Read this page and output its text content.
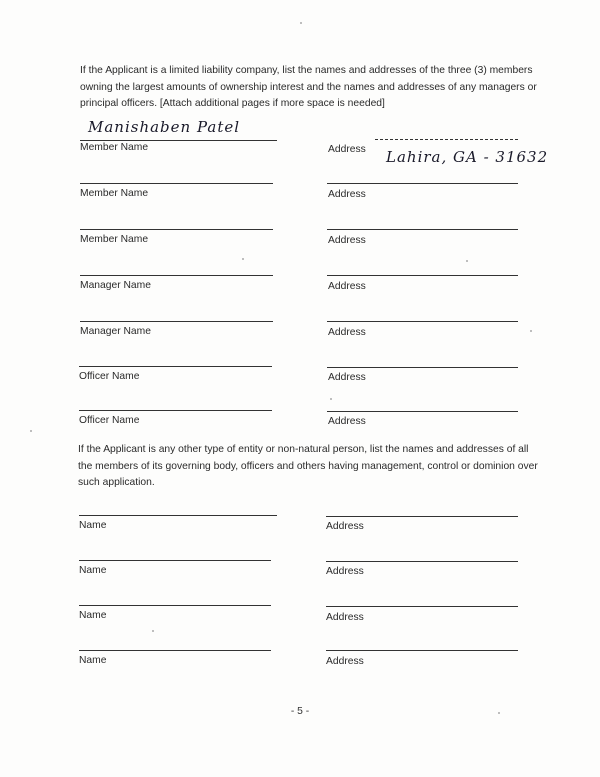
If the Applicant is a limited liability company, list the names and addresses of the three (3) members owning the largest amounts of ownership interest and the names and addresses of any managers or principal officers. [Attach additional pages if more space is needed]
Manishaben Patel
Lahira, GA - 31632
Member Name	Address
Member Name	Address
Member Name	Address
Manager Name	Address
Manager Name	Address
Officer Name	Address
Officer Name	Address
If the Applicant is any other type of entity or non-natural person, list the names and addresses of all the members of its governing body, officers and others having management, control or dominion over such application.
Name	Address
Name	Address
Name	Address
Name	Address
- 5 -
